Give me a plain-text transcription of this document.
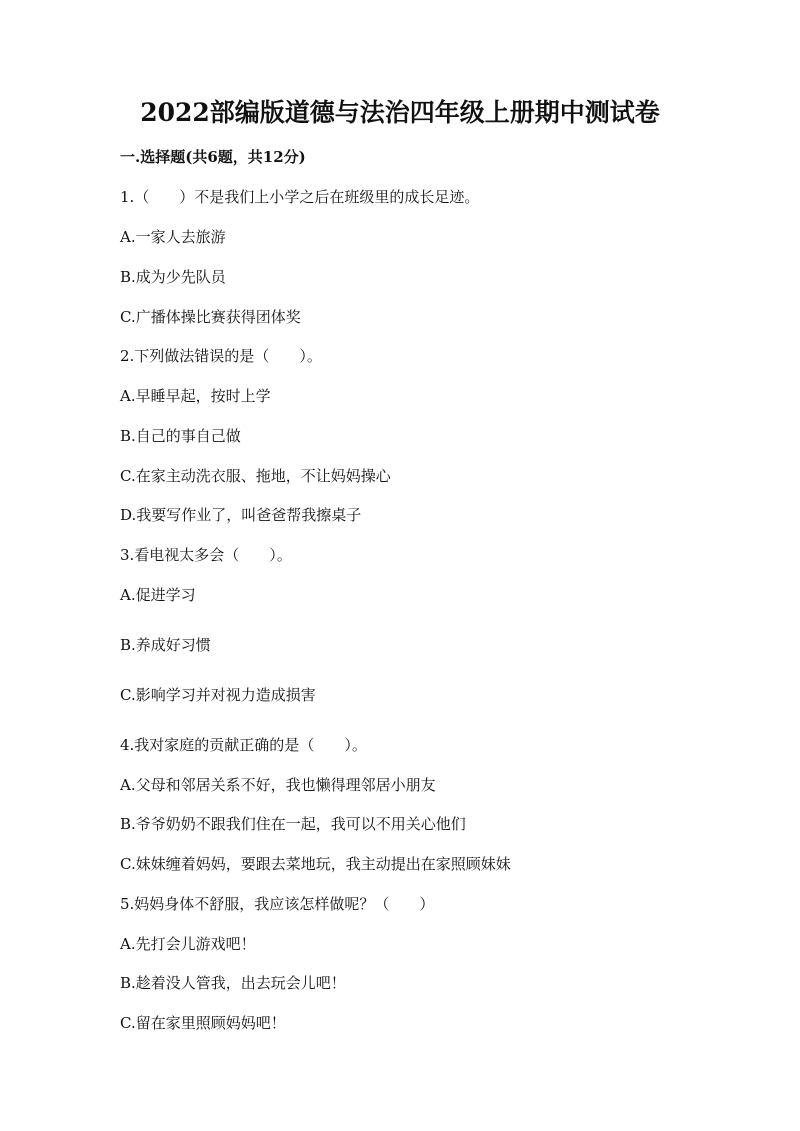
2022部编版道德与法治四年级上册期中测试卷
一.选择题(共6题，共12分)
1.（　　）不是我们上小学之后在班级里的成长足迹。
A.一家人去旅游
B.成为少先队员
C.广播体操比赛获得团体奖
2.下列做法错误的是（　　）。
A.早睡早起，按时上学
B.自己的事自己做
C.在家主动洗衣服、拖地，不让妈妈操心
D.我要写作业了，叫爸爸帮我擦桌子
3.看电视太多会（　　）。
A.促进学习
B.养成好习惯
C.影响学习并对视力造成损害
4.我对家庭的贡献正确的是（　　）。
A.父母和邻居关系不好，我也懒得理邻居小朋友
B.爷爷奶奶不跟我们住在一起，我可以不用关心他们
C.妹妹缠着妈妈，要跟去菜地玩，我主动提出在家照顾妹妹
5.妈妈身体不舒服，我应该怎样做呢？（　　）
A.先打会儿游戏吧！
B.趁着没人管我，出去玩会儿吧！
C.留在家里照顾妈妈吧！
